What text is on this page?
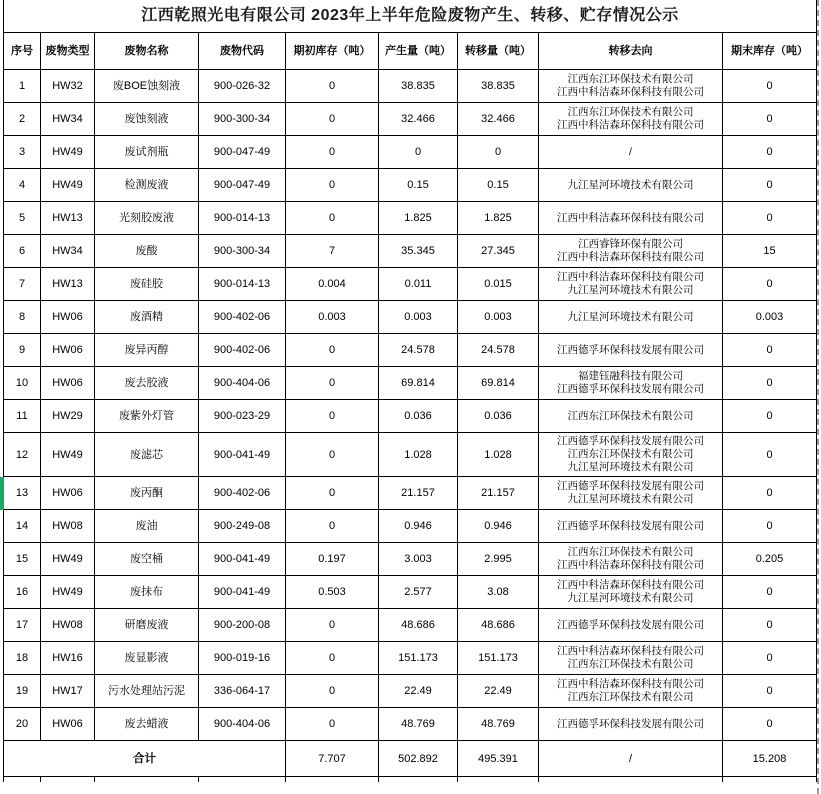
江西乾照光电有限公司 2023年上半年危险废物产生、转移、贮存情况公示								
序号	废物类型	废物名称	废物代码	期初库存（吨）	产生量（吨）	转移量（吨）	转移去向	期末库存（吨）
1	HW32	废BOE蚀刻液	900-026-32	0	38.835	38.835	江西东江环保技术有限公司
江西中科洁森环保科技有限公司	0
2	HW34	废蚀刻液	900-300-34	0	32.466	32.466	江西东江环保技术有限公司
江西中科洁森环保科技有限公司	0
3	HW49	废试剂瓶	900-047-49	0	0	0	/	0
4	HW49	检测废液	900-047-49	0	0.15	0.15	九江星河环境技术有限公司	0
5	HW13	光刻胶废液	900-014-13	0	1.825	1.825	江西中科洁森环保科技有限公司	0
6	HW34	废酸	900-300-34	7	35.345	27.345	江西睿锋环保有限公司
江西中科洁森环保科技有限公司	15
7	HW13	废硅胶	900-014-13	0.004	0.011	0.015	江西中科洁森环保科技有限公司
九江星河环境技术有限公司	0
8	HW06	废酒精	900-402-06	0.003	0.003	0.003	九江星河环境技术有限公司	0.003
9	HW06	废异丙醇	900-402-06	0	24.578	24.578	江西德孚环保科技发展有限公司	0
10	HW06	废去胶液	900-404-06	0	69.814	69.814	福建钰融科技有限公司
江西德孚环保科技发展有限公司	0
11	HW29	废紫外灯管	900-023-29	0	0.036	0.036	江西东江环保技术有限公司	0
12	HW49	废滤芯	900-041-49	0	1.028	1.028	江西德孚环保科技发展有限公司
江西东江环保技术有限公司
九江星河环境技术有限公司	0
13	HW06	废丙酮	900-402-06	0	21.157	21.157	江西德孚环保科技发展有限公司
九江星河环境技术有限公司	0
14	HW08	废油	900-249-08	0	0.946	0.946	江西德孚环保科技发展有限公司	0
15	HW49	废空桶	900-041-49	0.197	3.003	2.995	江西东江环保技术有限公司
江西中科洁森环保科技有限公司	0.205
16	HW49	废抹布	900-041-49	0.503	2.577	3.08	江西中科洁森环保科技有限公司
九江星河环境技术有限公司	0
17	HW08	研磨废液	900-200-08	0	48.686	48.686	江西德孚环保科技发展有限公司	0
18	HW16	废显影液	900-019-16	0	151.173	151.173	江西中科洁森环保科技有限公司
江西东江环保技术有限公司	0
19	HW17	污水处理站污泥	336-064-17	0	22.49	22.49	江西中科洁森环保科技有限公司
江西东江环保技术有限公司	0
20	HW06	废去蜡液	900-404-06	0	48.769	48.769	江西德孚环保科技发展有限公司	0
合计				7.707	502.892	495.391	/	15.208
